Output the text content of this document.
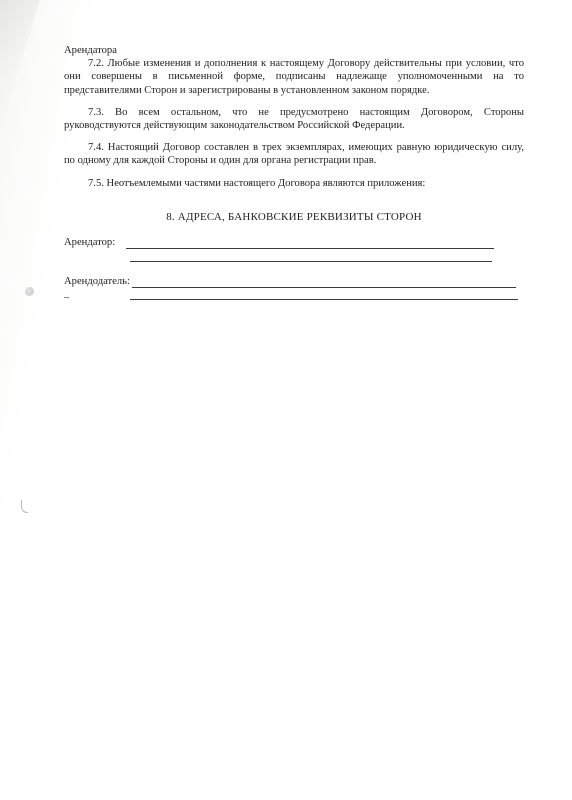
Арендатора

7.2. Любые изменения и дополнения к настоящему Договору действительны при условии, что они совершены в письменной форме, подписаны надлежаще уполномоченными на то представителями Сторон и зарегистрированы в установленном законом порядке.

7.3. Во всем остальном, что не предусмотрено настоящим Договором, Стороны руководствуются действующим законодательством Российской Федерации.

7.4. Настоящий Договор составлен в трех экземплярах, имеющих равную юридическую силу, по одному для каждой Стороны и один для органа регистрации прав.

7.5. Неотъемлемыми частями настоящего Договора являются приложения:

8. АДРЕСА, БАНКОВСКИЕ РЕКВИЗИТЫ СТОРОН
Арендатор:
Арендодатель:
_
